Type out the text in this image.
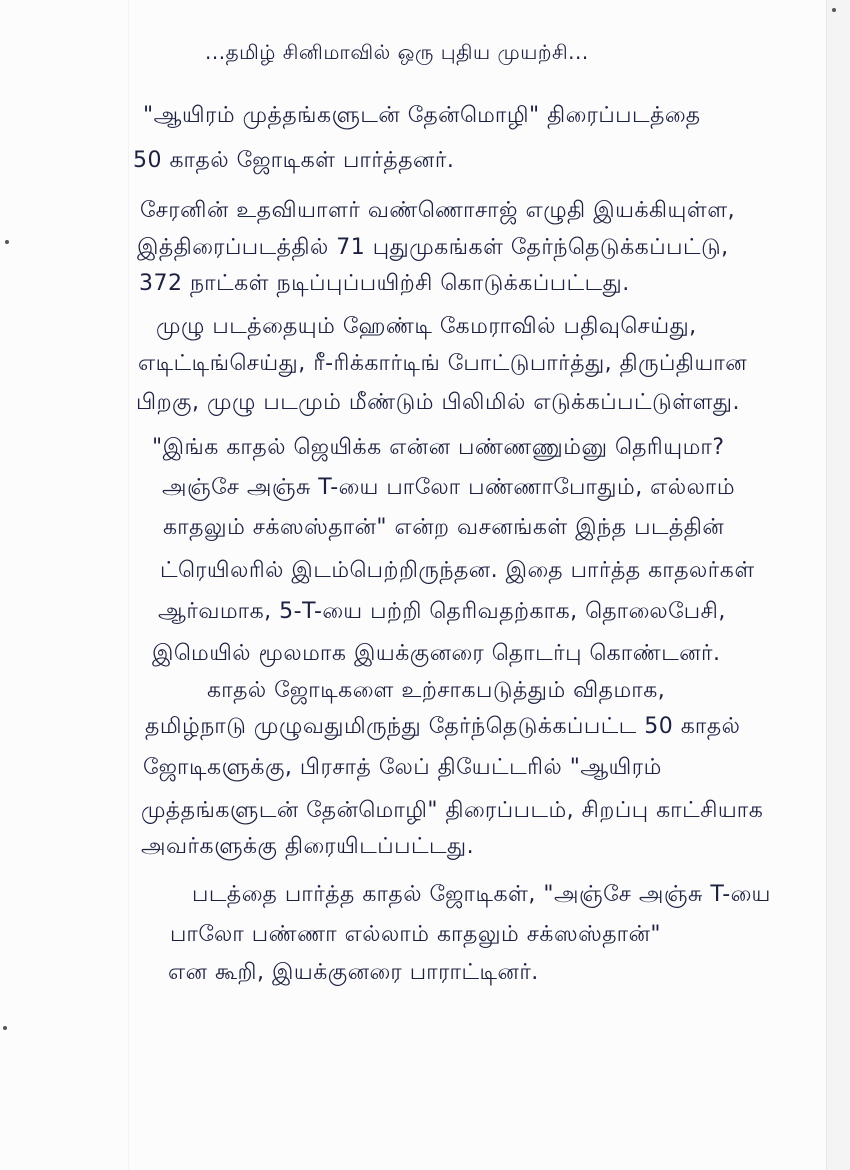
...தமிழ் சினிமாவில் ஒரு புதிய முயற்சி...
"ஆயிரம் முத்தங்களுடன் தேன்மொழி" திரைப்படத்தை
50 காதல் ஜோடிகள் பார்த்தனர்.
சேரனின் உதவியாளர் வண்ணொசாஜ் எழுதி இயக்கியுள்ள,
இத்திரைப்படத்தில் 71 புதுமுகங்கள் தேர்ந்தெடுக்கப்பட்டு,
372 நாட்கள் நடிப்புப்பயிற்சி கொடுக்கப்பட்டது.
முழு படத்தையும் ஹேண்டி கேமராவில் பதிவுசெய்து,
எடிட்டிங்செய்து, ரீ-ரிக்கார்டிங் போட்டுபார்த்து, திருப்தியான
பிறகு, முழு படமும் மீண்டும் பிலிமில் எடுக்கப்பட்டுள்ளது.
"இங்க காதல் ஜெயிக்க என்ன பண்ணணும்னு தெரியுமா?
அஞ்சே அஞ்சு T-யை பாலோ பண்ணாபோதும், எல்லாம்
காதலும் சக்ஸஸ்தான்" என்ற வசனங்கள் இந்த படத்தின்
ட்ரெயிலரில் இடம்பெற்றிருந்தன. இதை பார்த்த காதலர்கள்
ஆர்வமாக, 5-T-யை பற்றி தெரிவதற்காக, தொலைபேசி,
இமெயில் மூலமாக இயக்குனரை தொடர்பு கொண்டனர்.
காதல் ஜோடிகளை உற்சாகபடுத்தும் விதமாக,
தமிழ்நாடு முழுவதுமிருந்து தேர்ந்தெடுக்கப்பட்ட 50 காதல்
ஜோடிகளுக்கு, பிரசாத் லேப் தியேட்டரில் "ஆயிரம்
முத்தங்களுடன் தேன்மொழி" திரைப்படம், சிறப்பு காட்சியாக
அவர்களுக்கு திரையிடப்பட்டது.
படத்தை பார்த்த காதல் ஜோடிகள், "அஞ்சே அஞ்சு T-யை
பாலோ பண்ணா எல்லாம் காதலும் சக்ஸஸ்தான்"
என கூறி, இயக்குனரை பாராட்டினர்.
